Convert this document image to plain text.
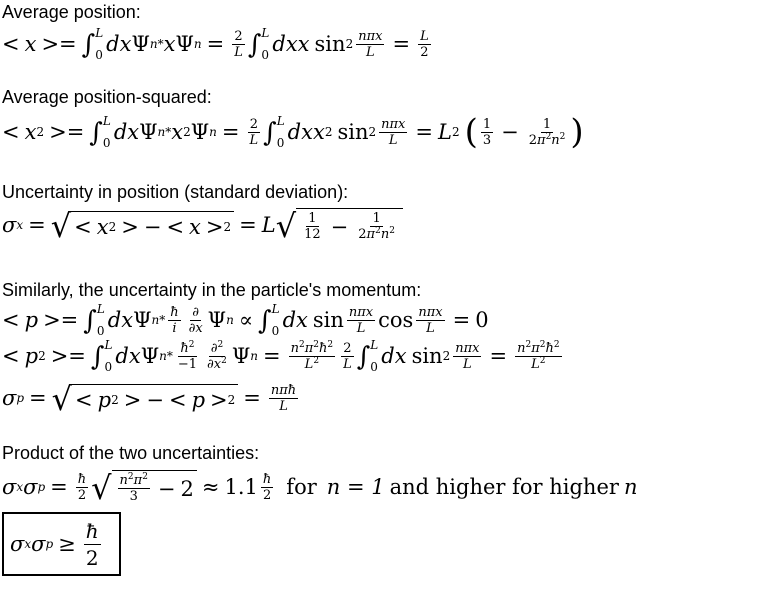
Average position:
< x >= ∫ L
0 dx Ψ n * x Ψ $n = \frac{2}{L}$ ∫ L
0 dxx $\sin 2 \frac{\text{nπx}}{L} = \frac{L}{2}$
Average position-squared:
< x 2 >= ∫ L
0 dx Ψ n * x 2 Ψ $n = \frac{2}{L}$ ∫ L
0 dxx 2 $\sin 2 \frac{\text{nπx}}{L} = L$ 2 ( $\frac{1}{3} - \frac{1}{2\pi^2n^2}$ )
Uncertainty in position (standard deviation):
σ x = √ < x 2 > − < x > 2 = L √ $\frac{1}{12} - \frac{1}{2\pi^2n^2}$
Similarly, the uncertainty in the particle's momentum:
< p >= ∫ L
0 dx Ψ n * $\frac{ħ}{i} \frac{\partial}{\partial x}$ Ψ n ∝ ∫ L
0 dx $\sin \frac{\text{nπx}}{L}$ $\cos \frac{\text{nπx}}{L} = 0$
< p 2 >= ∫ L
0 dx Ψ n * $\frac{ħ^2}{-1} \frac{\partial^2}{\partial x^2}$ Ψ $n = \frac{n^2\pi^2ħ^2}{L^2} \frac{2}{L}$ ∫ L
0 dx $\sin 2 \frac{\text{nπx}}{L} = \frac{n^2\pi^2ħ^2}{L^2}$
σ p = √ < p 2 > − < $p > 2 = \frac{\text{nπħ}}{L}$
Product of the two uncertainties:
σ x σ $p = \frac{ħ}{2}$ √ $\frac{n^2\pi^2}{3} - 2 \approx 1.1 \frac{ħ}{2}$ for n = 1 and higher for higher n
σ x σ $p \ge \frac{ħ}{2}$
